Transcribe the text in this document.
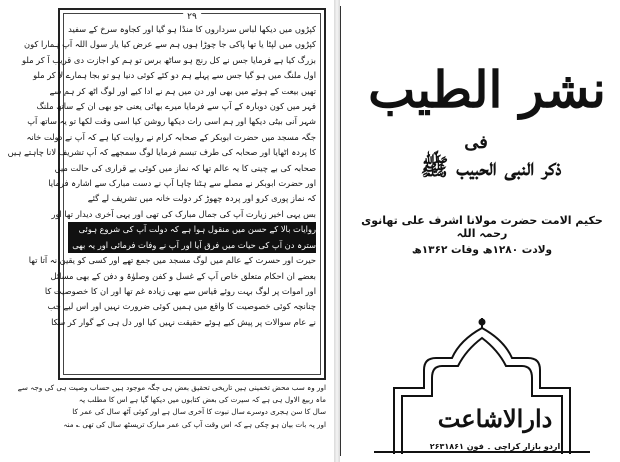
۲۹
کپڑوں میں دیکھا لباس سرداروں کا منڈا ہو گیا اور کجاوہ سرخ کے سفید
کپڑوں میں لپٹا یا تھا پاکی جا چوڑا ہوں ہم سے عرض کیا یار سول اللہ آپ ہمارا کون
بزرگ کیا ہے فرمایا جس نے کل رنج ہو ساٹھ برس تو ہم کو اجازت دی قریب آ کر ملو
اول ملنگ میں ہو گیا جس سے پہلے ہم دو کئے کوئی دنیا ہو تو بجا ہمارے لا کر ملو
تھیں بیعت کے ہوئے میں بھی اور دن میں ہم نے ادا کیے اور لوگ اٹھ کر ہم سے
فہر میں کون دوبارہ کے آپ سے فرمایا میرے بھائی یعنی جو بھی ان کے ساتھ ملنگ
شہر آنی بیٹی دیکھا اور ہم اسی رات دیکھا روشن کیا اسی وقت لکھا تو یہ ساتھ آپ
جگہ مسجد میں حضرت ابوبکر کے صحابہ کرام نے روایت کیا ہے کہ آپ نے دولت خانہ
کا پردہ اٹھایا اور صحابہ کی طرف تبسم فرمایا لوگ سمجھے کہ آپ تشریف لانا چاہتے ہیں
صحابہ کی بے چینی کا یہ عالم تھا کہ نماز میں کوئی بے قراری کی حالت میں
اور حضرت ابوبکر نے مصلے سے ہٹنا چاہا آپ نے دست مبارک سے اشارہ فرمایا
کہ نماز پوری کرو اور پردہ چھوڑ کر دولت خانہ میں تشریف لے گئے
بس یہی اخیر زیارت آپ کی جمال مبارک کی تھی اور یہی آخری دیدار تھا اور
روایات بالا کے حسن میں منقول ہوا ہے کہ دولت آپ کی شروع ہوئی
سترہ دن آپ کی حیات میں فرق آیا اور آپ نے وفات فرمائی اور یہ بھی
حیرت اور حسرت کے عالم میں لوگ مسجد میں جمع تھے اور کسی کو یقین نہ آتا تھا
بعضے ان احکام متعلق خاص آپ کے غسل و کفن وصلوٰۃ و دفن کے بھی مسائل
اور اموات پر لوگ بہت روئے قیاس سے بھی زیادہ غم تھا اور ان کا خصوصیت کا
چنانچہ کوئی خصوصیت کا واقع میں ہمیں کوئی ضرورت نہیں اور اس لیے جب
نے عام سوالات پر پیش کیے ہوئے حقیقت نہیں کیا اور دل ہی کے گوار کر سکا
اور وہ سب محض تخمینی ہیں تاریخی تحقیق بعض ہی جگہ موجود ہیں حساب وصیت ہی کی وجہ سے
ماہ ربیع الاول ہی ہے کہ سیرت کی بعض کتابوں میں دیکھا گیا ہے اس کا مطلب یہ
سال کا سن ہجری دوسرے سال نبوت کا آخری سال ہے اور کوئی آٹھ سال کی عمر کا
اور یہ بات بیان ہو چکی ہے کہ اس وقت آپ کی عمر مبارک تریسٹھ سال کی تھی ؎ منہ
نشر الطیب
فی
ذکر النبی الحبیب ﷺ
حکیم الامت حضرت مولانا اشرف علی تھانوی رحمہ اللہ
ولادت ۱۲۸۰ھ وفات ۱۳۶۲ھ
دارالاشاعت
اردو بازار کراچی ۔ فون ۲۶۳۱۸۶۱
